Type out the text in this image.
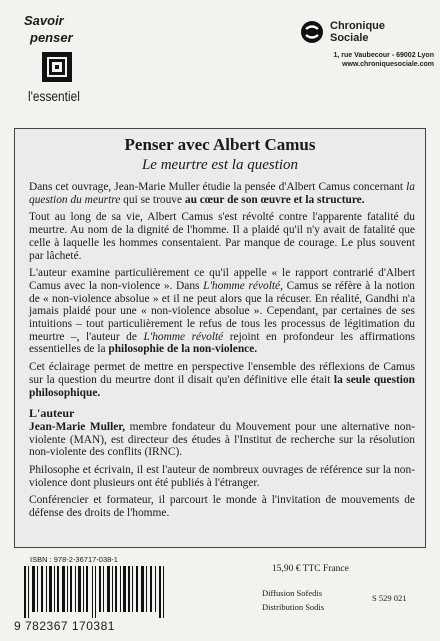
Savoir
penser
l'essentiel
Chronique
Sociale
1, rue Vaubecour - 69002 Lyon
www.chroniquesociale.com
Penser avec Albert Camus
Le meurtre est la question

Dans cet ouvrage, Jean-Marie Muller étudie la pensée d'Albert Camus concernant la question du meurtre qui se trouve au cœur de son œuvre et la structure.

Tout au long de sa vie, Albert Camus s'est révolté contre l'apparente fatalité du meurtre. Au nom de la dignité de l'homme. Il a plaidé qu'il n'y avait de fatalité que celle à laquelle les hommes consentaient. Par manque de courage. Le plus souvent par lâcheté.

L'auteur examine particulièrement ce qu'il appelle « le rapport contrarié d'Albert Camus avec la non-violence ». Dans L'homme révolté, Camus se réfère à la notion de « non-violence absolue » et il ne peut alors que la récuser. En réalité, Gandhi n'a jamais plaidé pour une « non-violence absolue ». Cependant, par certaines de ses intuitions – tout particulièrement le refus de tous les processus de légitimation du meurtre –, l'auteur de L'homme révolté rejoint en profondeur les affirmations essentielles de la philosophie de la non-violence.

Cet éclairage permet de mettre en perspective l'ensemble des réflexions de Camus sur la question du meurtre dont il disait qu'en définitive elle était la seule question philosophique.

L'auteur

Jean-Marie Muller, membre fondateur du Mouvement pour une alternative non-violente (MAN), est directeur des études à l'Institut de recherche sur la résolution non-violente des conflits (IRNC).

Philosophe et écrivain, il est l'auteur de nombreux ouvrages de référence sur la non-violence dont plusieurs ont été publiés à l'étranger.

Conférencier et formateur, il parcourt le monde à l'invitation de mouvements de défense des droits de l'homme.

ISBN : 978-2-36717-038-1
9 782367 170381
15,90 € TTC France
Diffusion Sofedis
Distribution Sodis
S 529 021
